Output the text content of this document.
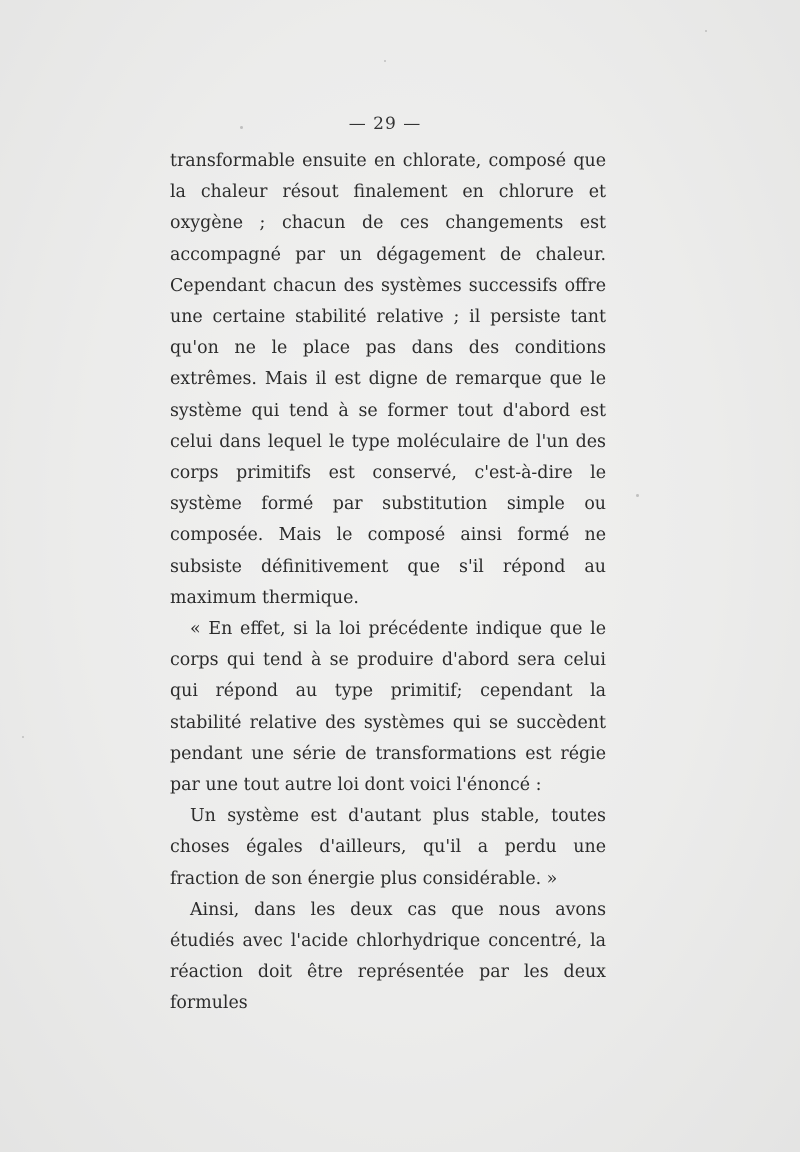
— 29 —

transformable ensuite en chlorate, composé que la chaleur résout finalement en chlorure et oxygène ; chacun de ces changements est accompagné par un dégagement de chaleur. Cependant chacun des systèmes successifs offre une certaine stabilité relative ; il persiste tant qu'on ne le place pas dans des conditions extrêmes. Mais il est digne de remarque que le système qui tend à se former tout d'abord est celui dans lequel le type moléculaire de l'un des corps primitifs est conservé, c'est-à-dire le système formé par substitution simple ou composée. Mais le composé ainsi formé ne subsiste définitivement que s'il répond au maximum thermique.

« En effet, si la loi précédente indique que le corps qui tend à se produire d'abord sera celui qui répond au type primitif; cependant la stabilité relative des systèmes qui se succèdent pendant une série de transformations est régie par une tout autre loi dont voici l'énoncé :

Un système est d'autant plus stable, toutes choses égales d'ailleurs, qu'il a perdu une fraction de son énergie plus considérable. »

Ainsi, dans les deux cas que nous avons étudiés avec l'acide chlorhydrique concentré, la réaction doit être représentée par les deux formules
